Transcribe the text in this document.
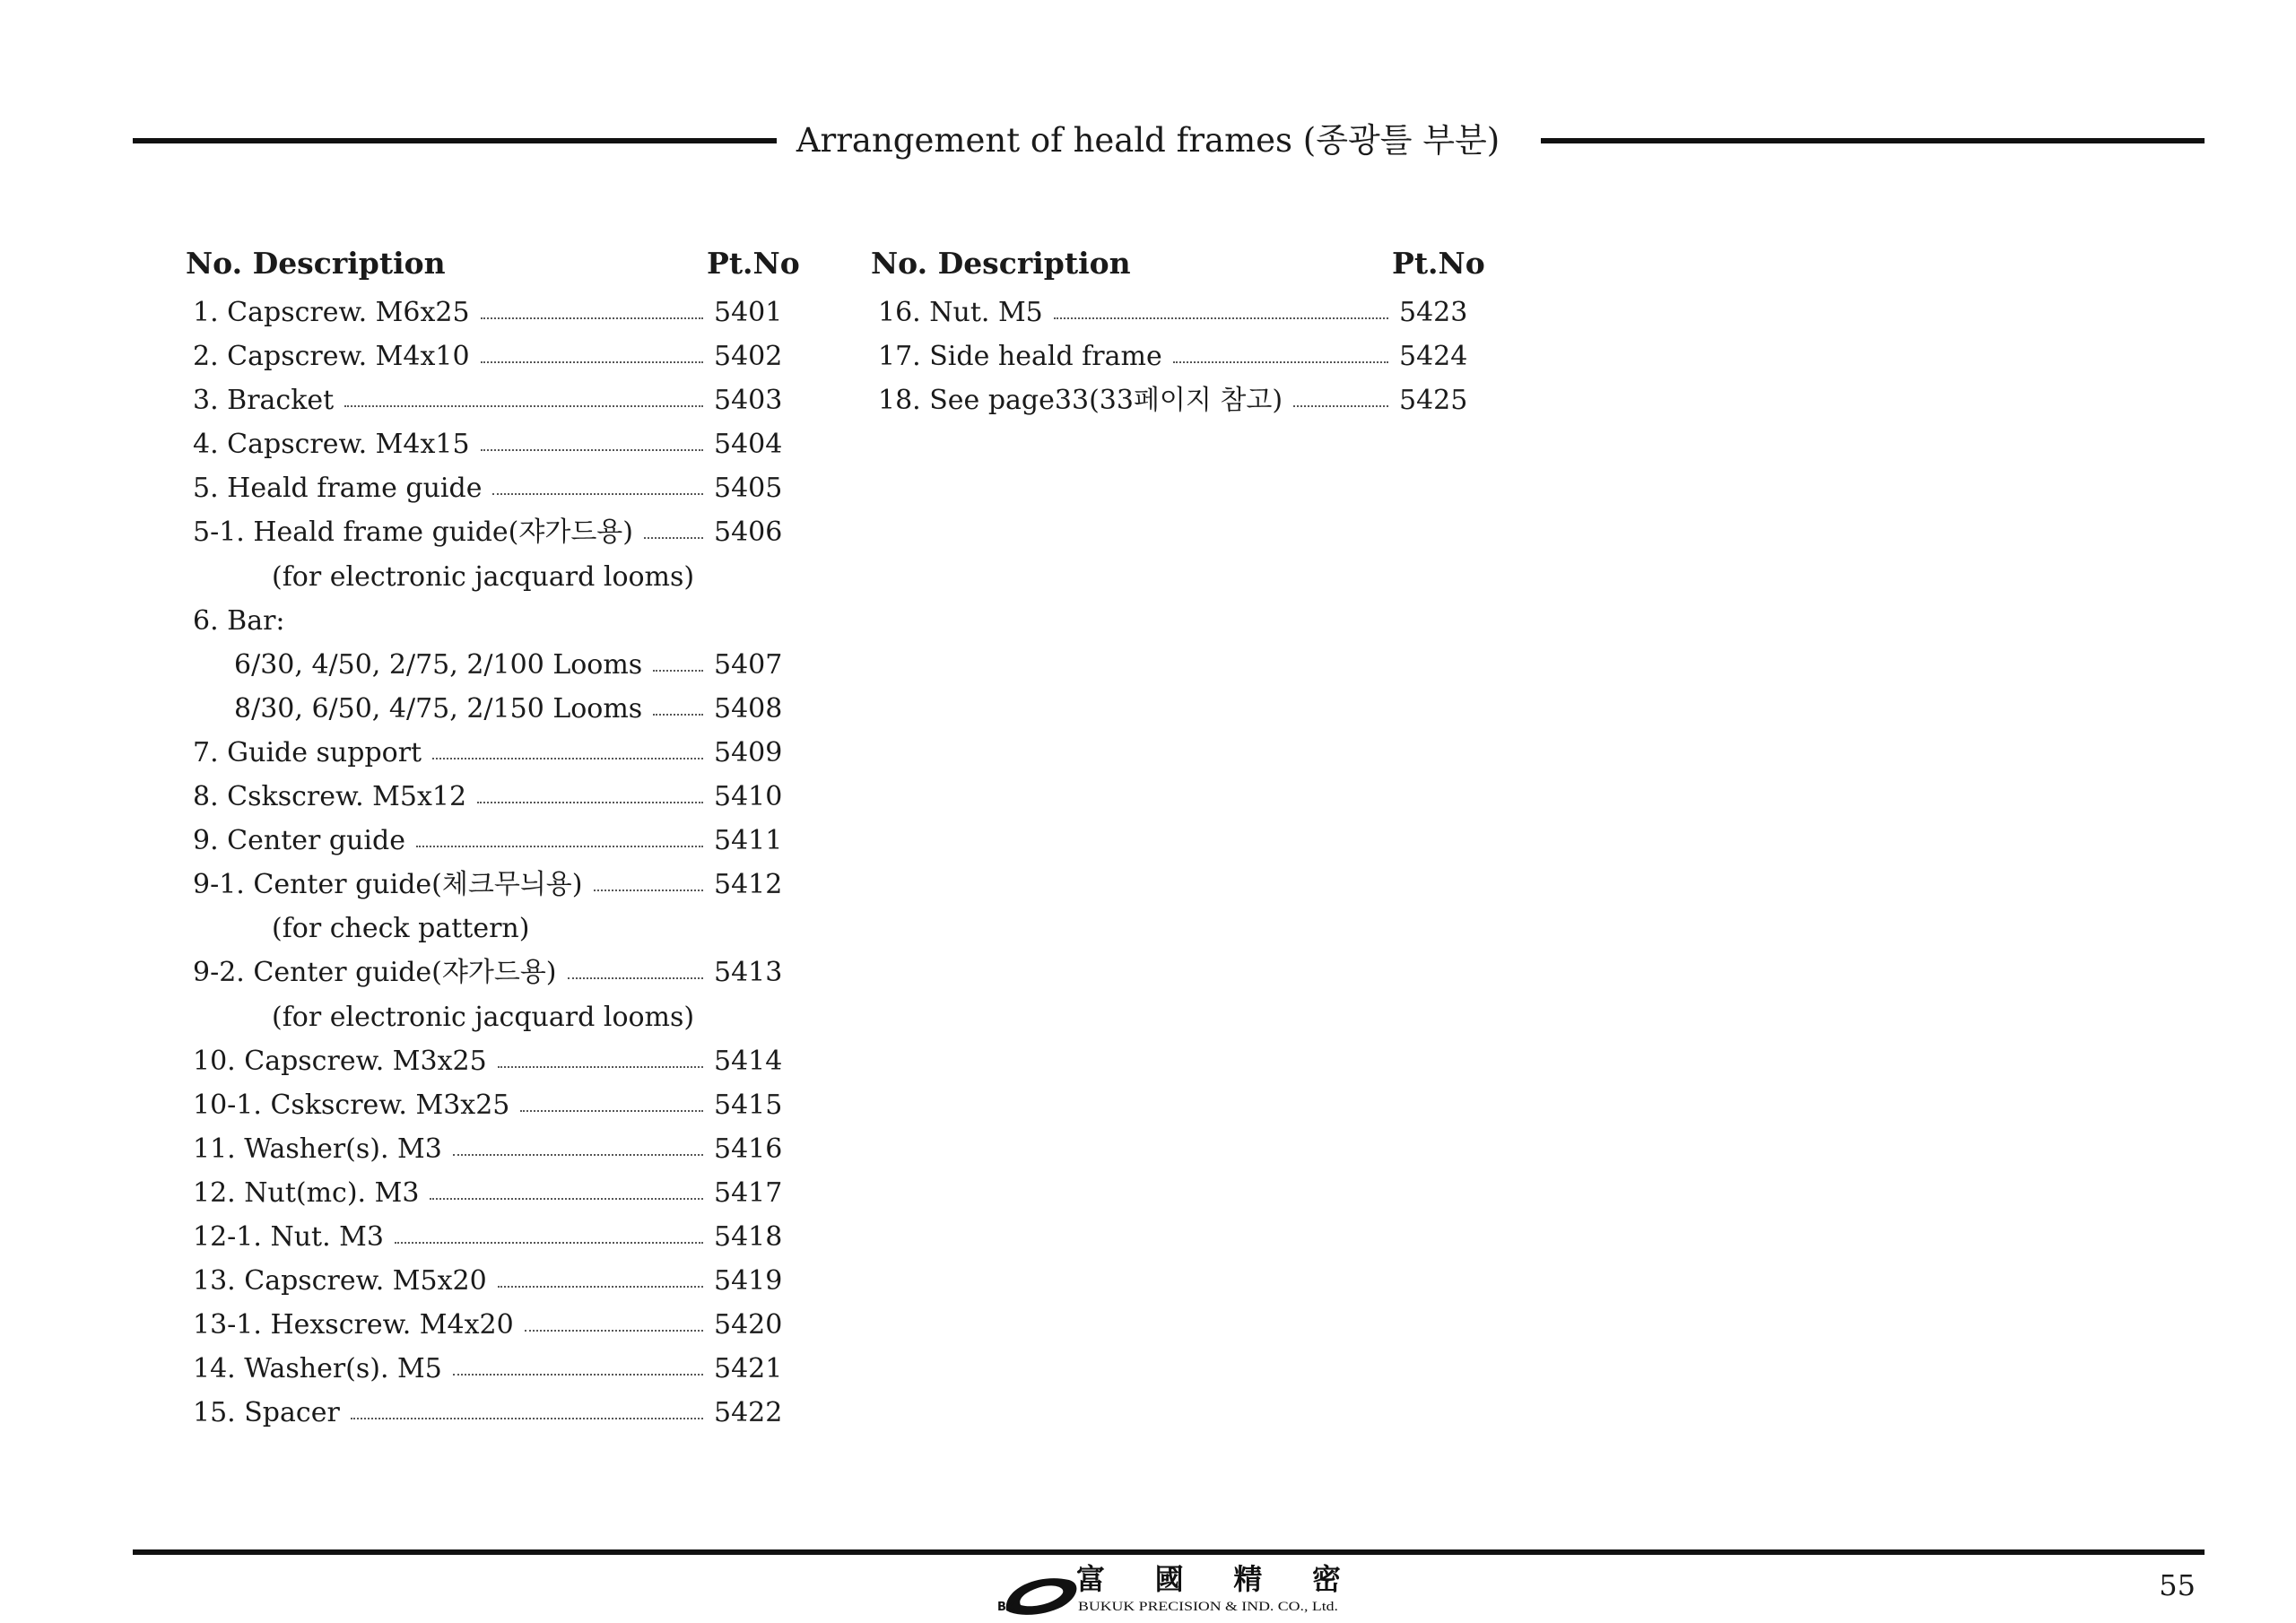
Arrangement of heald frames (종광틀 부분)
No. Description	Pt.No
1. Capscrew. M6x25	5401
2. Capscrew. M4x10	5402
3. Bracket	5403
4. Capscrew. M4x15	5404
5. Heald frame guide	5405
5-1. Heald frame guide(쟈가드용)	5406
(for electronic jacquard looms)
6. Bar:
6/30, 4/50, 2/75, 2/100 Looms	5407
8/30, 6/50, 4/75, 2/150 Looms	5408
7. Guide support	5409
8. Cskscrew. M5x12	5410
9. Center guide	5411
9-1. Center guide(체크무늬용)	5412
(for check pattern)
9-2. Center guide(쟈가드용)	5413
(for electronic jacquard looms)
10. Capscrew. M3x25	5414
10-1. Cskscrew. M3x25	5415
11. Washer(s). M3	5416
12. Nut(mc). M3	5417
12-1. Nut. M3	5418
13. Capscrew. M5x20	5419
13-1. Hexscrew. M4x20	5420
14. Washer(s). M5	5421
15. Spacer	5422
No. Description	Pt.No
16. Nut. M5	5423
17. Side heald frame	5424
18. See page33(33페이지 참고)	5425
BK
富 國 精 密
BUKUK PRECISION & IND. CO., Ltd.
55
